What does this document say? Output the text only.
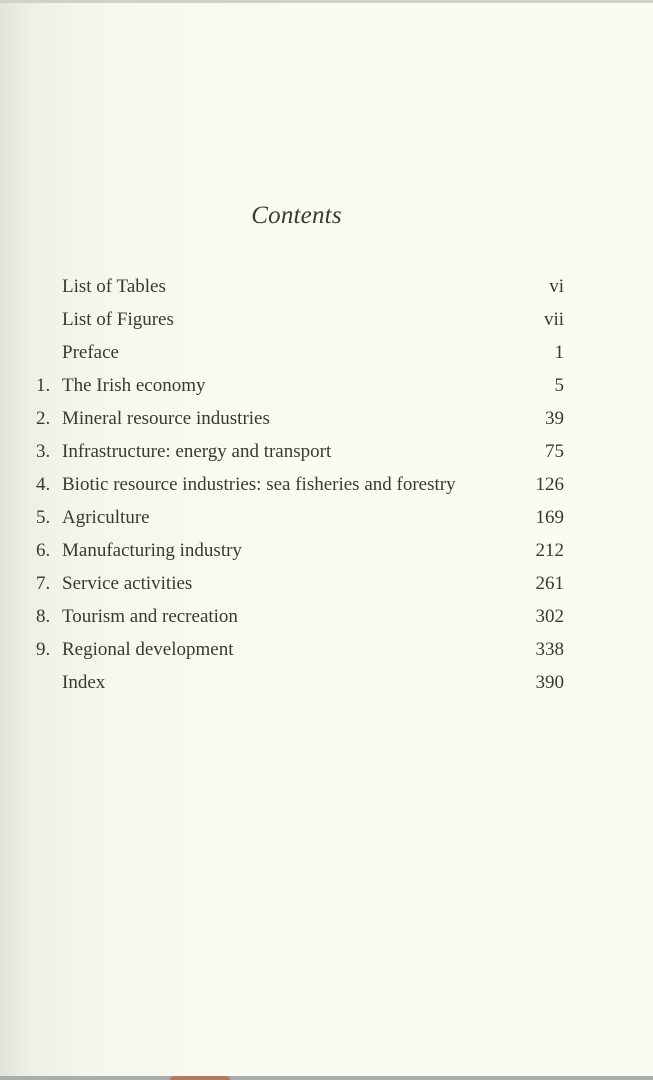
Contents
List of Tables	vi
List of Figures	vii
Preface	1
1. The Irish economy	5
2. Mineral resource industries	39
3. Infrastructure: energy and transport	75
4. Biotic resource industries: sea fisheries and forestry	126
5. Agriculture	169
6. Manufacturing industry	212
7. Service activities	261
8. Tourism and recreation	302
9. Regional development	338
Index	390
